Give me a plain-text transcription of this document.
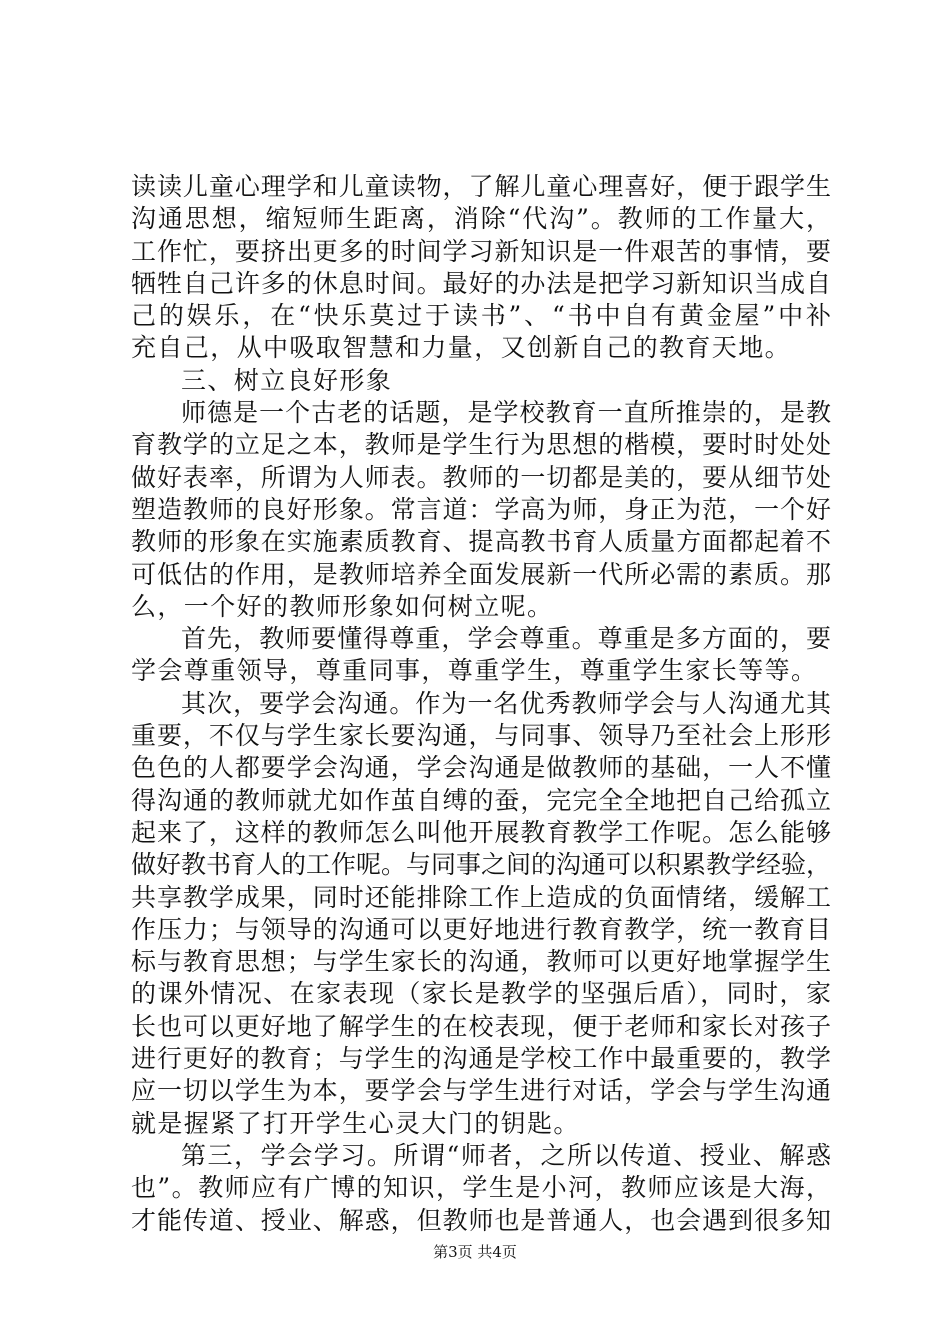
读读儿童心理学和儿童读物，了解儿童心理喜好，便于跟学生
沟通思想，缩短师生距离，消除“代沟”。教师的工作量大，
工作忙，要挤出更多的时间学习新知识是一件艰苦的事情，要
牺牲自己许多的休息时间。最好的办法是把学习新知识当成自
己的娱乐，在“快乐莫过于读书”、“书中自有黄金屋”中补
充自己，从中吸取智慧和力量，又创新自己的教育天地。
三、树立良好形象
师德是一个古老的话题，是学校教育一直所推崇的，是教
育教学的立足之本，教师是学生行为思想的楷模，要时时处处
做好表率，所谓为人师表。教师的一切都是美的，要从细节处
塑造教师的良好形象。常言道：学高为师，身正为范，一个好
教师的形象在实施素质教育、提高教书育人质量方面都起着不
可低估的作用，是教师培养全面发展新一代所必需的素质。那
么，一个好的教师形象如何树立呢。
首先，教师要懂得尊重，学会尊重。尊重是多方面的，要
学会尊重领导，尊重同事，尊重学生，尊重学生家长等等。
其次，要学会沟通。作为一名优秀教师学会与人沟通尤其
重要，不仅与学生家长要沟通，与同事、领导乃至社会上形形
色色的人都要学会沟通，学会沟通是做教师的基础，一人不懂
得沟通的教师就尤如作茧自缚的蚕，完完全全地把自己给孤立
起来了，这样的教师怎么叫他开展教育教学工作呢。怎么能够
做好教书育人的工作呢。与同事之间的沟通可以积累教学经验，
共享教学成果，同时还能排除工作上造成的负面情绪，缓解工
作压力；与领导的沟通可以更好地进行教育教学，统一教育目
标与教育思想；与学生家长的沟通，教师可以更好地掌握学生
的课外情况、在家表现（家长是教学的坚强后盾），同时，家
长也可以更好地了解学生的在校表现，便于老师和家长对孩子
进行更好的教育；与学生的沟通是学校工作中最重要的，教学
应一切以学生为本，要学会与学生进行对话，学会与学生沟通
就是握紧了打开学生心灵大门的钥匙。
第三，学会学习。所谓“师者，之所以传道、授业、解惑
也”。教师应有广博的知识，学生是小河，教师应该是大海，
才能传道、授业、解惑，但教师也是普通人，也会遇到很多知
第3页 共4页
